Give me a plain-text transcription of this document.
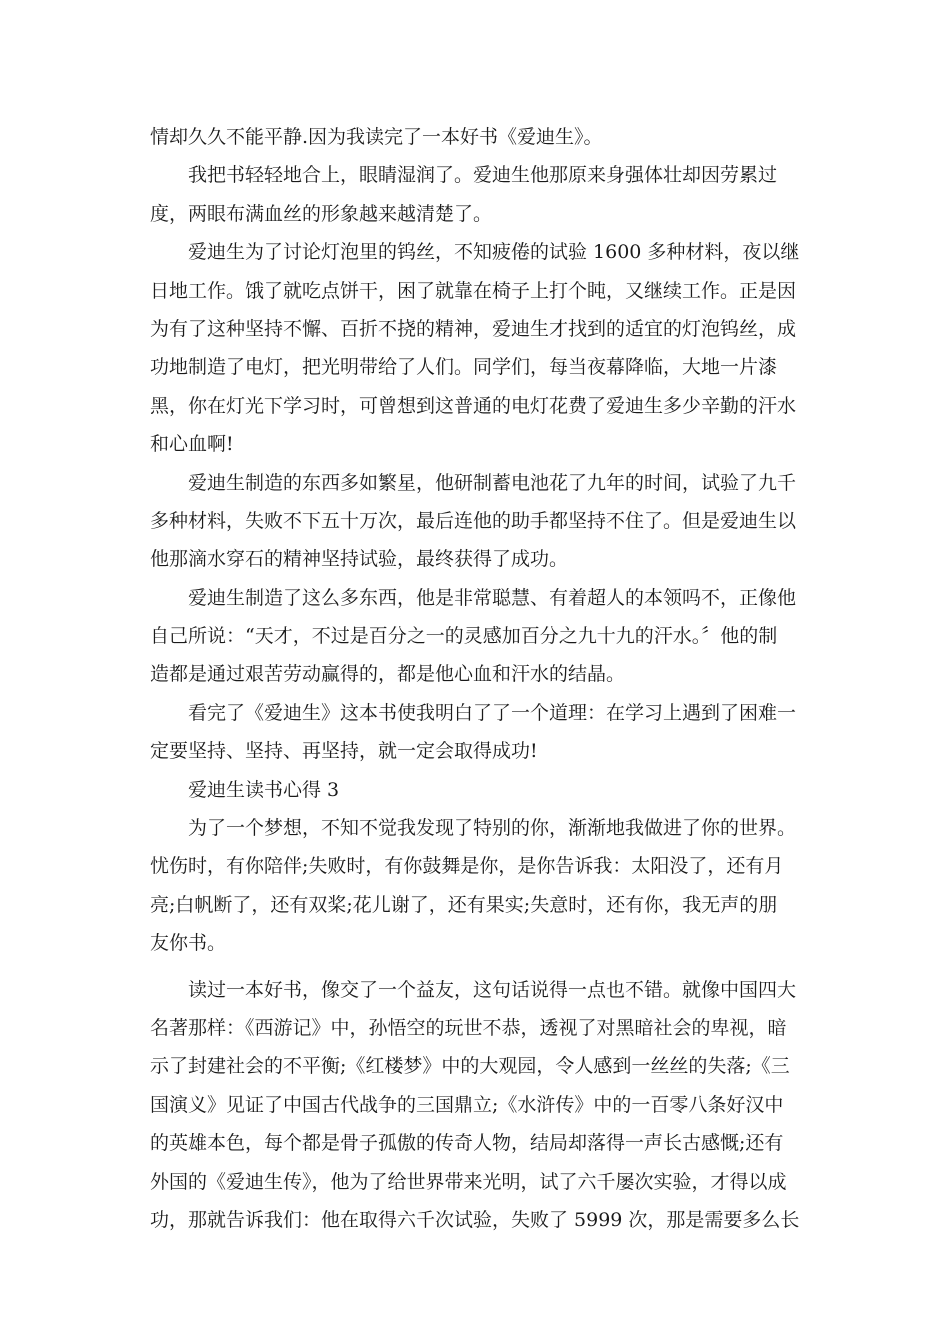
情却久久不能平静.因为我读完了一本好书《爱迪生》。
我把书轻轻地合上，眼睛湿润了。爱迪生他那原来身强体壮却因劳累过
度，两眼布满血丝的形象越来越清楚了。
爱迪生为了讨论灯泡里的钨丝，不知疲倦的试验 1600 多种材料，夜以继
日地工作。饿了就吃点饼干，困了就靠在椅子上打个盹，又继续工作。正是因
为有了这种坚持不懈、百折不挠的精神，爱迪生才找到的适宜的灯泡钨丝，成
功地制造了电灯，把光明带给了人们。同学们，每当夜幕降临，大地一片漆
黑，你在灯光下学习时，可曾想到这普通的电灯花费了爱迪生多少辛勤的汗水
和心血啊!
爱迪生制造的东西多如繁星，他研制蓄电池花了九年的时间，试验了九千
多种材料，失败不下五十万次，最后连他的助手都坚持不住了。但是爱迪生以
他那滴水穿石的精神坚持试验，最终获得了成功。
爱迪生制造了这么多东西，他是非常聪慧、有着超人的本领吗不，正像他
自己所说：“天才，不过是百分之一的灵感加百分之九十九的汗水。〞他的制
造都是通过艰苦劳动赢得的，都是他心血和汗水的结晶。
看完了《爱迪生》这本书使我明白了了一个道理：在学习上遇到了困难一
定要坚持、坚持、再坚持，就一定会取得成功!
爱迪生读书心得 3
为了一个梦想，不知不觉我发现了特别的你，渐渐地我做进了你的世界。
忧伤时，有你陪伴;失败时，有你鼓舞是你，是你告诉我：太阳没了，还有月
亮;白帆断了，还有双桨;花儿谢了，还有果实;失意时，还有你，我无声的朋
友你书。
读过一本好书，像交了一个益友，这句话说得一点也不错。就像中国四大
名著那样：《西游记》中，孙悟空的玩世不恭，透视了对黑暗社会的卑视，暗
示了封建社会的不平衡;《红楼梦》中的大观园，令人感到一丝丝的失落;《三
国演义》见证了中国古代战争的三国鼎立;《水浒传》中的一百零八条好汉中
的英雄本色，每个都是骨子孤傲的传奇人物，结局却落得一声长古感慨;还有
外国的《爱迪生传》，他为了给世界带来光明，试了六千屡次实验，才得以成
功，那就告诉我们：他在取得六千次试验，失败了 5999 次，那是需要多么长
